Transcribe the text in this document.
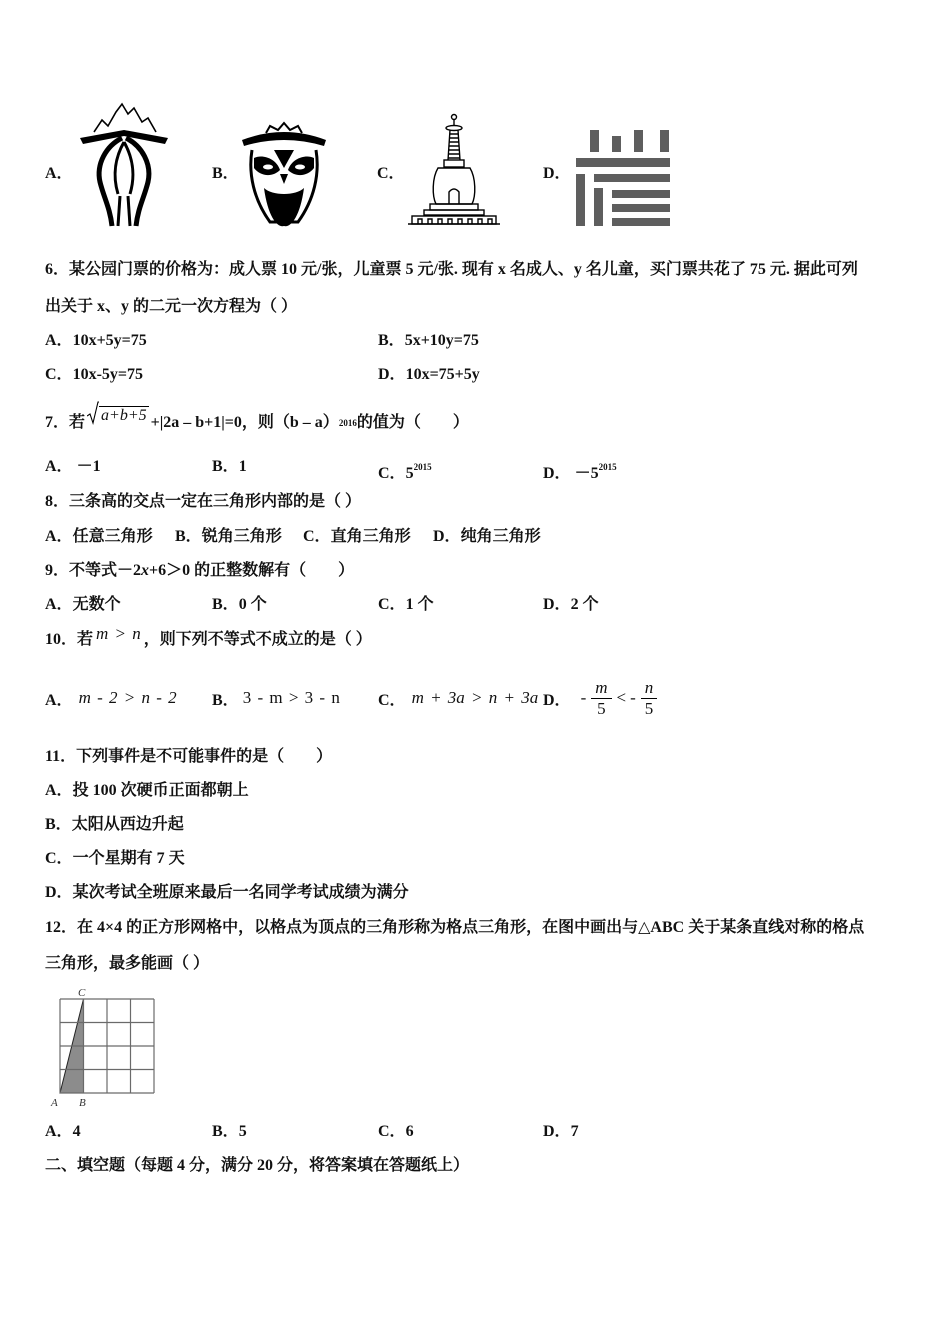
A．	B．	C．	D．
6．某公园门票的价格为：成人票 10 元/张，儿童票 5 元/张. 现有 x 名成人、y 名儿童，买门票共花了 75 元. 据此可列
出关于 x、y 的二元一次方程为（ ）
A．10x+5y=75	B．5x+10y=75
C．10x-5y=75	D．10x=75+5y
7．若 a+b+5 +|2a – b+1|=0，则（b – a） 2016 的值为（　　）
A． －1	B．1	C．$5^{2015}$	D． $-5^{2015}$
8．三条高的交点一定在三角形内部的是（ ）
A．任意三角形 B．锐角三角形 C．直角三角形 D．纯角三角形
9．不等式－2x+6＞0 的正整数解有（　　）
A．无数个	B．0 个	C．1 个	D．2 个
10．若 m > n ，则下列不等式不成立的是（ ）
A． m - 2 > n - 2 B． 3 - m > 3 - n C． m + 3a > n + 3a D． - $\frac{m}{5}$ < - $\frac{n}{5}$
11．下列事件是不可能事件的是（　　）
A．投 100 次硬币正面都朝上
B．太阳从西边升起
C．一个星期有 7 天
D．某次考试全班原来最后一名同学考试成绩为满分
12．在 4×4 的正方形网格中，以格点为顶点的三角形称为格点三角形，在图中画出与△ABC 关于某条直线对称的格点
三角形，最多能画（ ）
C
A B
A．4	B．5	C．6	D．7
二、填空题（每题 4 分，满分 20 分，将答案填在答题纸上）
